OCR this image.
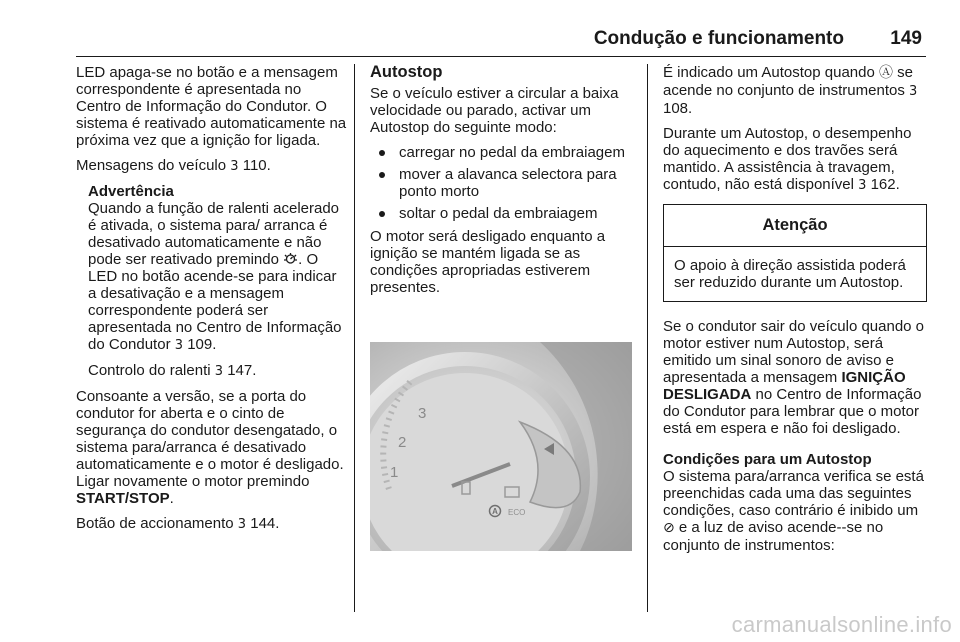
Condução e funcionamento 149

LED apaga-se no botão e a mensagem correspondente é apresentada no Centro de Informação do Condutor. O sistema é reativado automaticamente na próxima vez que a ignição for ligada.

Mensagens do veículo 3 110.

Advertência

Quando a função de ralenti acelerado é ativada, o sistema para/ arranca é desativado automaticamente e não pode ser reativado premindo . O LED no botão acende-se para indicar a desativação e a mensagem correspondente poderá ser apresentada no Centro de Informação do Condutor 3 109.

Controlo do ralenti 3 147.

Consoante a versão, se a porta do condutor for aberta e o cinto de segurança do condutor desengatado, o sistema para/arranca é desativado automaticamente e o motor é desligado. Ligar novamente o motor premindo START/STOP.

Botão de accionamento 3 144.

Autostop

Se o veículo estiver a circular a baixa velocidade ou parado, activar um Autostop do seguinte modo:

carregar no pedal da embraiagem
mover a alavanca selectora para ponto morto
soltar o pedal da embraiagem

O motor será desligado enquanto a ignição se mantém ligada se as condições apropriadas estiverem presentes.

3
2
1
A ECO

É indicado um Autostop quando Ⓐ se acende no conjunto de instrumentos 3 108.

Durante um Autostop, o desempenho do aquecimento e dos travões será mantido. A assistência à travagem, contudo, não está disponível 3 162.

Atenção
O apoio à direção assistida poderá ser reduzido durante um Autostop.

Se o condutor sair do veículo quando o motor estiver num Autostop, será emitido um sinal sonoro de aviso e apresentada a mensagem IGNIÇÃO DESLIGADA no Centro de Informação do Condutor para lembrar que o motor está em espera e não foi desligado.

Condições para um Autostop

O sistema para/arranca verifica se está preenchidas cada uma das seguintes condições, caso contrário é inibido um ⊘ e a luz de aviso acende--se no conjunto de instrumentos:

carmanualsonline.info
